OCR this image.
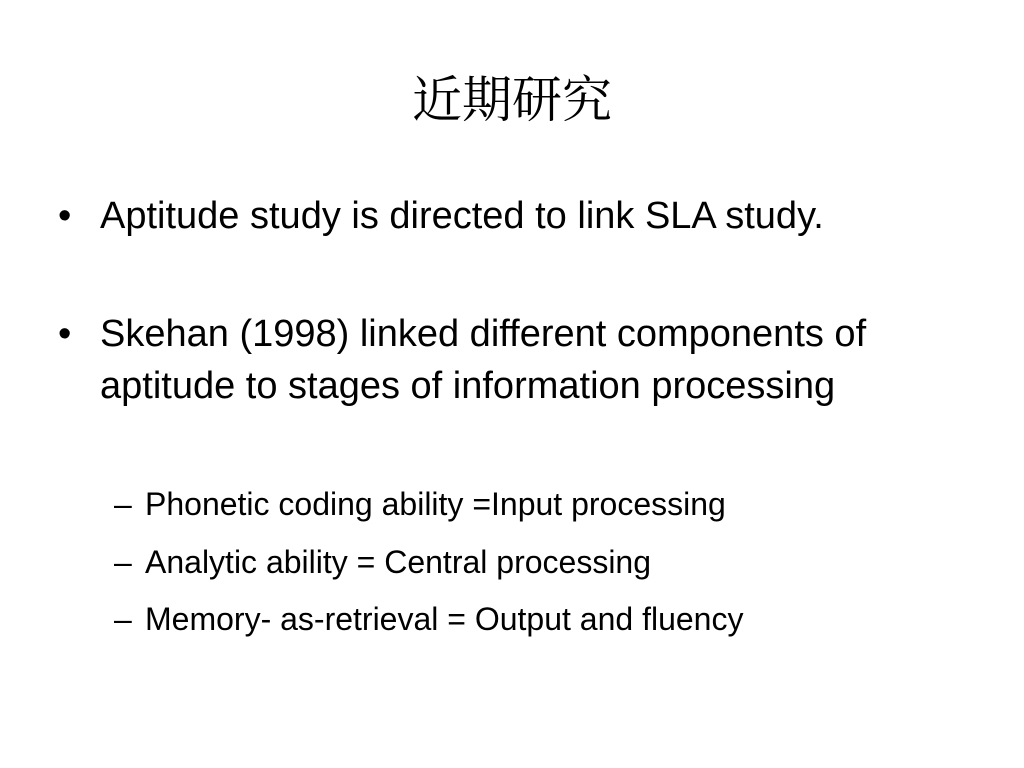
近期研究
• Aptitude study is directed to link SLA study.
• Skehan (1998) linked different components of aptitude to stages of information processing
– Phonetic coding ability =Input processing
– Analytic ability = Central processing
– Memory- as-retrieval = Output and fluency
